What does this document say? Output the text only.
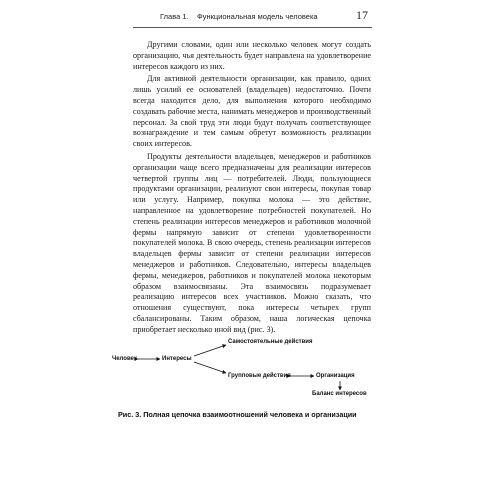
Глава 1. Функциональная модель человека	17

Другими словами, один или несколько человек могут создать организацию, чья деятельность будет направлена на удовлетворение интересов каждого из них.

Для активной деятельности организации, как правило, одних лишь усилий ее основателей (владельцев) недостаточно. Почти всегда находится дело, для выполнения которого необходимо создавать рабочие места, нанимать менеджеров и производственный персонал. За свой труд эти люди будут получать соответствующее вознаграждение и тем самым обретут возможность реализации своих интересов.

Продукты деятельности владельцев, менеджеров и работников организации чаще всего предназначены для реализации интересов четвертой группы лиц — потребителей. Люди, пользующиеся продуктами организации, реализуют свои интересы, покупая товар или услугу. Например, покупка молока — это действие, направленное на удовлетворение потребностей покупателей. Но степень реализации интересов менеджеров и работников молочной фермы напрямую зависит от степени удовлетворенности покупателей молока. В свою очередь, степень реализации интересов владельцев фермы зависит от степени реализации интересов менеджеров и работников. Следовательно, интересы владельцев фермы, менеджеров, работников и покупателей молока некоторым образом взаимосвязаны. Эта взаимосвязь подразумевает реализацию интересов всех участников. Можно сказать, что отношения существуют, пока интересы четырех групп сбалансированы. Таким образом, наша логическая цепочка приобретает несколько иной вид (рис. 3).

Человек	Интересы
Самостоятельные действия
Групповые действия	Организация
Баланс интересов
Рис. 3. Полная цепочка взаимоотношений человека и организации
